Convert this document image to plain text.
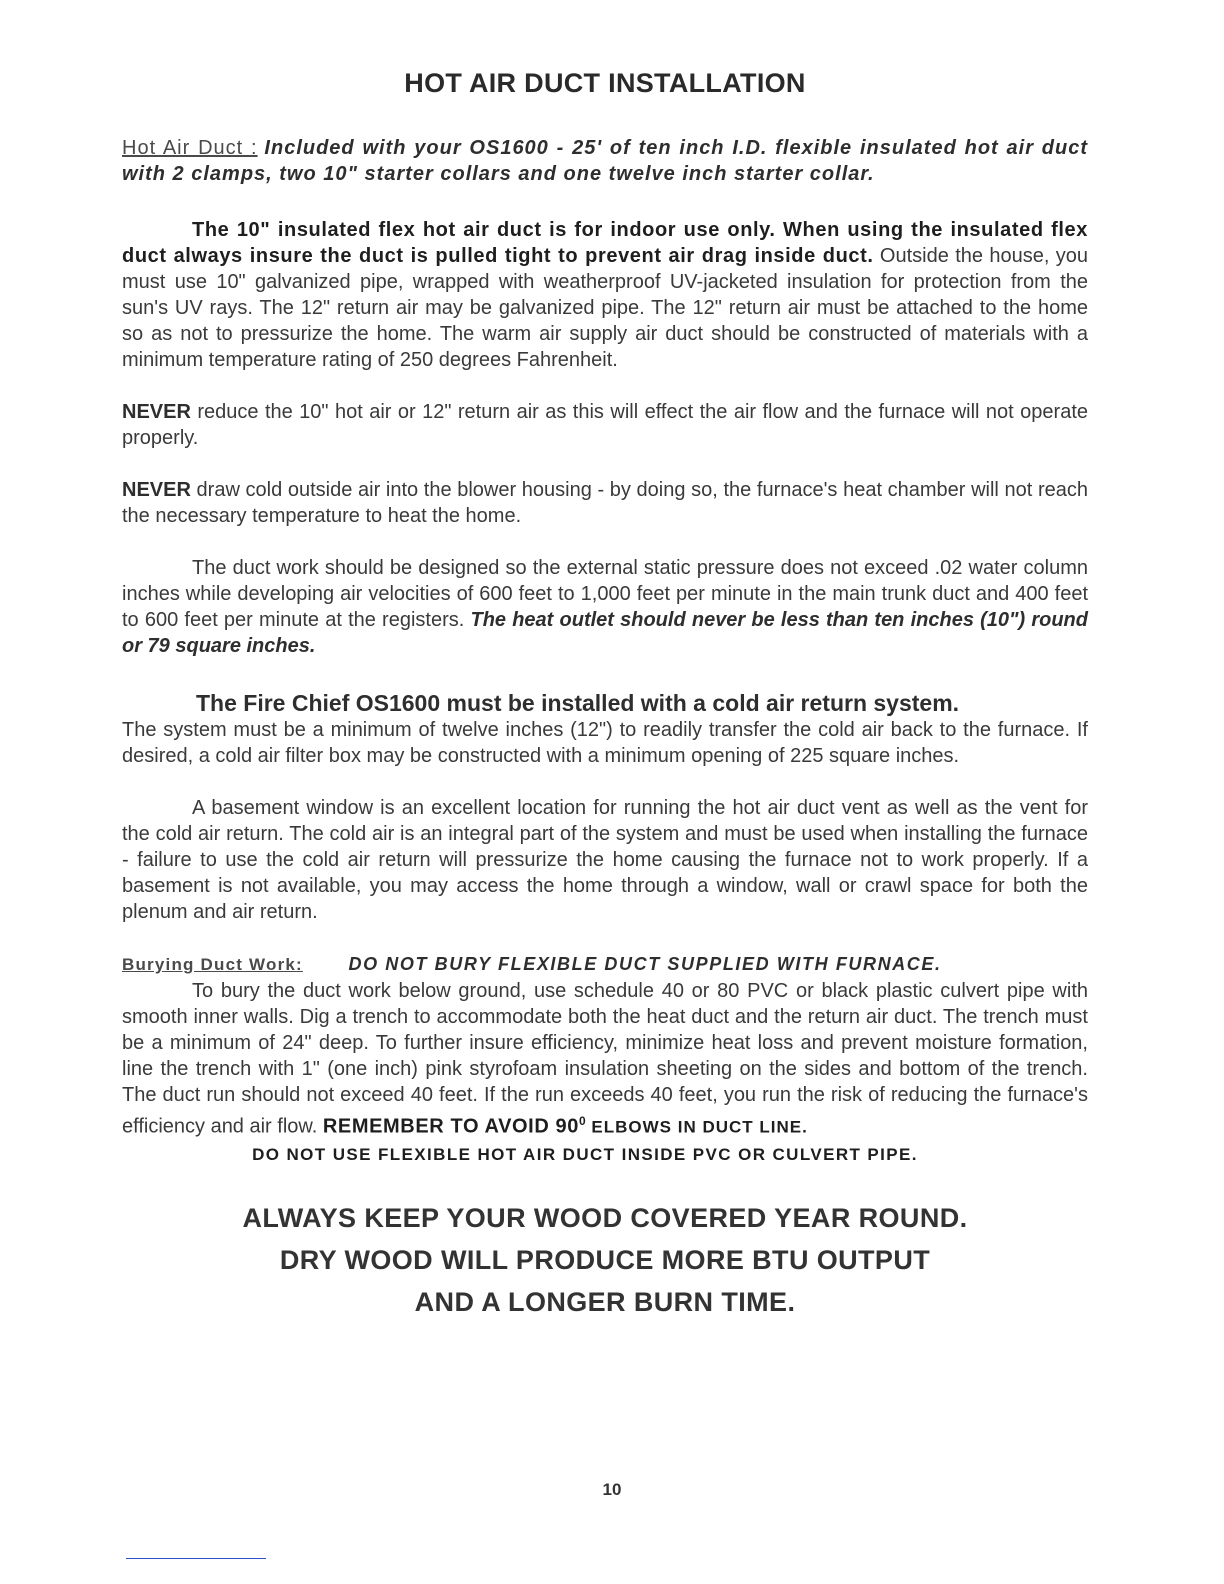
HOT AIR DUCT INSTALLATION

Hot Air Duct : Included with your OS1600 - 25' of ten inch I.D. flexible insulated hot air duct with 2 clamps, two 10" starter collars and one twelve inch starter collar.

The 10" insulated flex hot air duct is for indoor use only. When using the insulated flex duct always insure the duct is pulled tight to prevent air drag inside duct. Outside the house, you must use 10" galvanized pipe, wrapped with weatherproof UV-jacketed insulation for protection from the sun's UV rays. The 12" return air may be galvanized pipe. The 12" return air must be attached to the home so as not to pressurize the home. The warm air supply air duct should be constructed of materials with a minimum temperature rating of 250 degrees Fahrenheit.

NEVER reduce the 10" hot air or 12" return air as this will effect the air flow and the furnace will not operate properly.

NEVER draw cold outside air into the blower housing - by doing so, the furnace's heat chamber will not reach the necessary temperature to heat the home.

The duct work should be designed so the external static pressure does not exceed .02 water column inches while developing air velocities of 600 feet to 1,000 feet per minute in the main trunk duct and 400 feet to 600 feet per minute at the registers. The heat outlet should never be less than ten inches (10") round or 79 square inches.

The Fire Chief OS1600 must be installed with a cold air return system.

The system must be a minimum of twelve inches (12") to readily transfer the cold air back to the furnace. If desired, a cold air filter box may be constructed with a minimum opening of 225 square inches.

A basement window is an excellent location for running the hot air duct vent as well as the vent for the cold air return. The cold air is an integral part of the system and must be used when installing the furnace - failure to use the cold air return will pressurize the home causing the furnace not to work properly. If a basement is not available, you may access the home through a window, wall or crawl space for both the plenum and air return.

Burying Duct Work:	DO NOT BURY FLEXIBLE DUCT SUPPLIED WITH FURNACE.

To bury the duct work below ground, use schedule 40 or 80 PVC or black plastic culvert pipe with smooth inner walls. Dig a trench to accommodate both the heat duct and the return air duct. The trench must be a minimum of 24" deep. To further insure efficiency, minimize heat loss and prevent moisture formation, line the trench with 1" (one inch) pink styrofoam insulation sheeting on the sides and bottom of the trench. The duct run should not exceed 40 feet. If the run exceeds 40 feet, you run the risk of reducing the furnace's efficiency and air flow. REMEMBER TO AVOID $90^0$ ELBOWS IN DUCT LINE.

DO NOT USE FLEXIBLE HOT AIR DUCT INSIDE PVC OR CULVERT PIPE.
ALWAYS KEEP YOUR WOOD COVERED YEAR ROUND.
DRY WOOD WILL PRODUCE MORE BTU OUTPUT
AND A LONGER BURN TIME.
10
